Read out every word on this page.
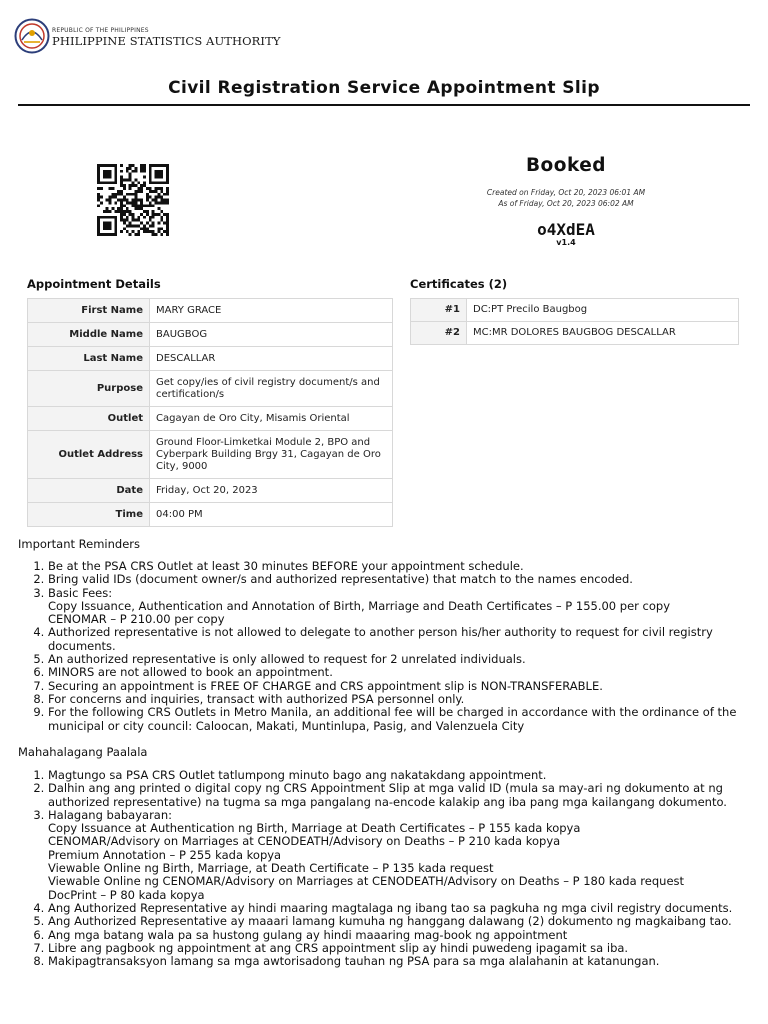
REPUBLIC OF THE PHILIPPINES
PHILIPPINE STATISTICS AUTHORITY
Civil Registration Service Appointment Slip
Booked
Created on Friday, Oct 20, 2023 06:01 AM
As of Friday, Oct 20, 2023 06:02 AM
o4XdEA
v1.4
Appointment Details
First Name	MARY GRACE
Middle Name	BAUGBOG
Last Name	DESCALLAR
Purpose	Get copy/ies of civil registry document/s and certification/s
Outlet	Cagayan de Oro City, Misamis Oriental
Outlet Address	Ground Floor-Limketkai Module 2, BPO and Cyberpark Building Brgy 31, Cagayan de Oro City, 9000
Date	Friday, Oct 20, 2023
Time	04:00 PM
Certificates (2)
#1	DC:PT Precilo Baugbog
#2	MC:MR DOLORES BAUGBOG DESCALLAR
Important Reminders
1. Be at the PSA CRS Outlet at least 30 minutes BEFORE your appointment schedule.
2. Bring valid IDs (document owner/s and authorized representative) that match to the names encoded.
3. Basic Fees:
Copy Issuance, Authentication and Annotation of Birth, Marriage and Death Certificates – P 155.00 per copy
CENOMAR – P 210.00 per copy
4. Authorized representative is not allowed to delegate to another person his/her authority to request for civil registry documents.
5. An authorized representative is only allowed to request for 2 unrelated individuals.
6. MINORS are not allowed to book an appointment.
7. Securing an appointment is FREE OF CHARGE and CRS appointment slip is NON-TRANSFERABLE.
8. For concerns and inquiries, transact with authorized PSA personnel only.
9. For the following CRS Outlets in Metro Manila, an additional fee will be charged in accordance with the ordinance of the municipal or city council: Caloocan, Makati, Muntinlupa, Pasig, and Valenzuela City
Mahahalagang Paalala
1. Magtungo sa PSA CRS Outlet tatlumpong minuto bago ang nakatakdang appointment.
2. Dalhin ang ang printed o digital copy ng CRS Appointment Slip at mga valid ID (mula sa may-ari ng dokumento at ng authorized representative) na tugma sa mga pangalang na-encode kalakip ang iba pang mga kailangang dokumento.
3. Halagang babayaran:
Copy Issuance at Authentication ng Birth, Marriage at Death Certificates – P 155 kada kopya
CENOMAR/Advisory on Marriages at CENODEATH/Advisory on Deaths – P 210 kada kopya
Premium Annotation – P 255 kada kopya
Viewable Online ng Birth, Marriage, at Death Certificate – P 135 kada request
Viewable Online ng CENOMAR/Advisory on Marriages at CENODEATH/Advisory on Deaths – P 180 kada request
DocPrint – P 80 kada kopya
4. Ang Authorized Representative ay hindi maaring magtalaga ng ibang tao sa pagkuha ng mga civil registry documents.
5. Ang Authorized Representative ay maaari lamang kumuha ng hanggang dalawang (2) dokumento ng magkaibang tao.
6. Ang mga batang wala pa sa hustong gulang ay hindi maaaring mag-book ng appointment
7. Libre ang pagbook ng appointment at ang CRS appointment slip ay hindi puwedeng ipagamit sa iba.
8. Makipagtransaksyon lamang sa mga awtorisadong tauhan ng PSA para sa mga alalahanin at katanungan.
